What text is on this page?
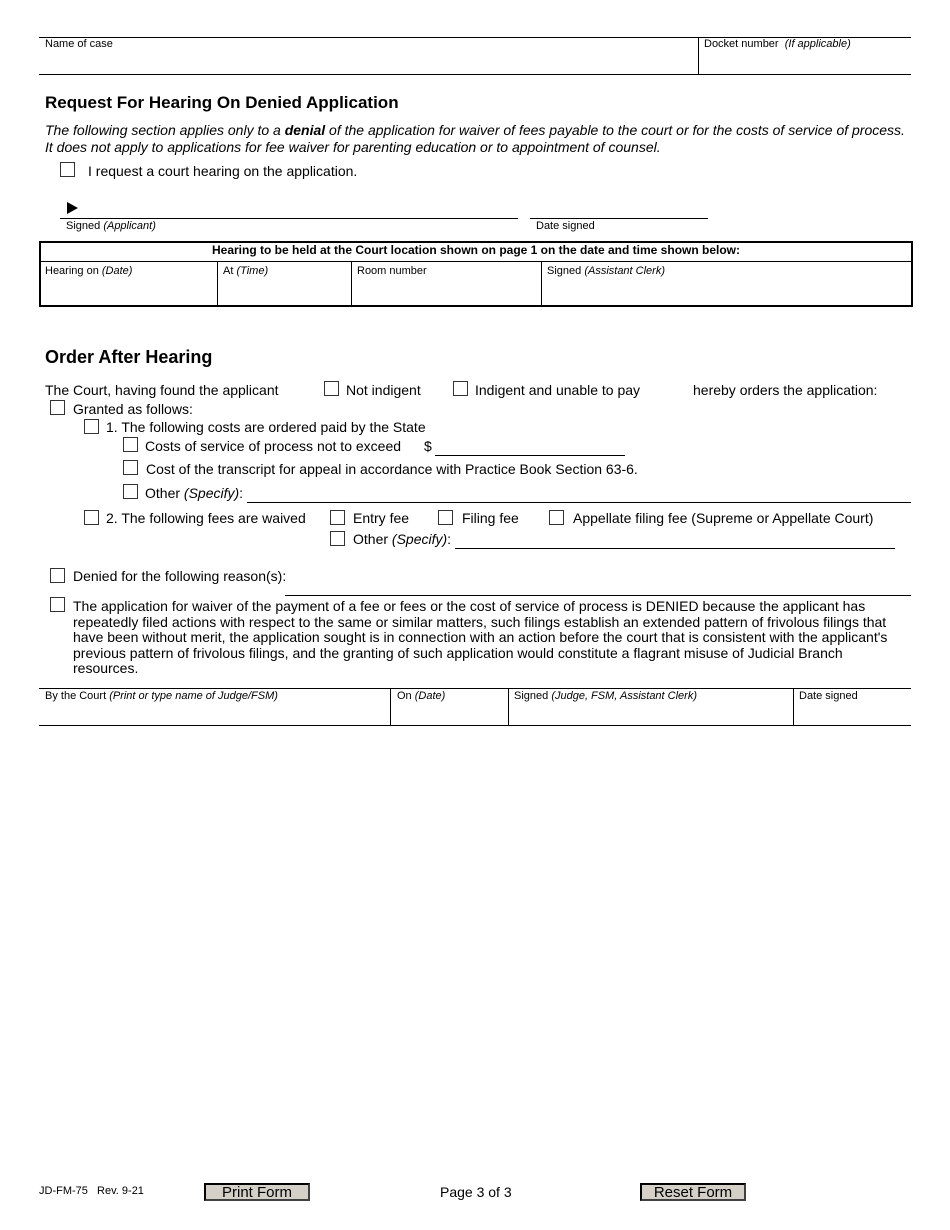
Name of case	Docket number (If applicable)
Request For Hearing On Denied Application
The following section applies only to a denial of the application for waiver of fees payable to the court or for the costs of service of process.
It does not apply to applications for fee waiver for parenting education or to appointment of counsel.
I request a court hearing on the application.
Signed (Applicant)	Date signed
Hearing to be held at the Court location shown on page 1 on the date and time shown below:
Hearing on (Date)	At (Time)	Room number	Signed (Assistant Clerk)
Order After Hearing
The Court, having found the applicant	Not indigent	Indigent and unable to pay	hereby orders the application:
Granted as follows:
1. The following costs are ordered paid by the State
Costs of service of process not to exceed $
Cost of the transcript for appeal in accordance with Practice Book Section 63-6.
Other (Specify):
2. The following fees are waived	Entry fee	Filing fee	Appellate filing fee (Supreme or Appellate Court)
Other (Specify):
Denied for the following reason(s):
The application for waiver of the payment of a fee or fees or the cost of service of process is DENIED because the applicant has repeatedly filed actions with respect to the same or similar matters, such filings establish an extended pattern of frivolous filings that have been without merit, the application sought is in connection with an action before the court that is consistent with the applicant's previous pattern of frivolous filings, and the granting of such application would constitute a flagrant misuse of Judicial Branch resources.
By the Court (Print or type name of Judge/FSM)	On (Date)	Signed (Judge, FSM, Assistant Clerk)	Date signed
JD-FM-75   Rev. 9-21	Print Form	Page 3 of 3	Reset Form
